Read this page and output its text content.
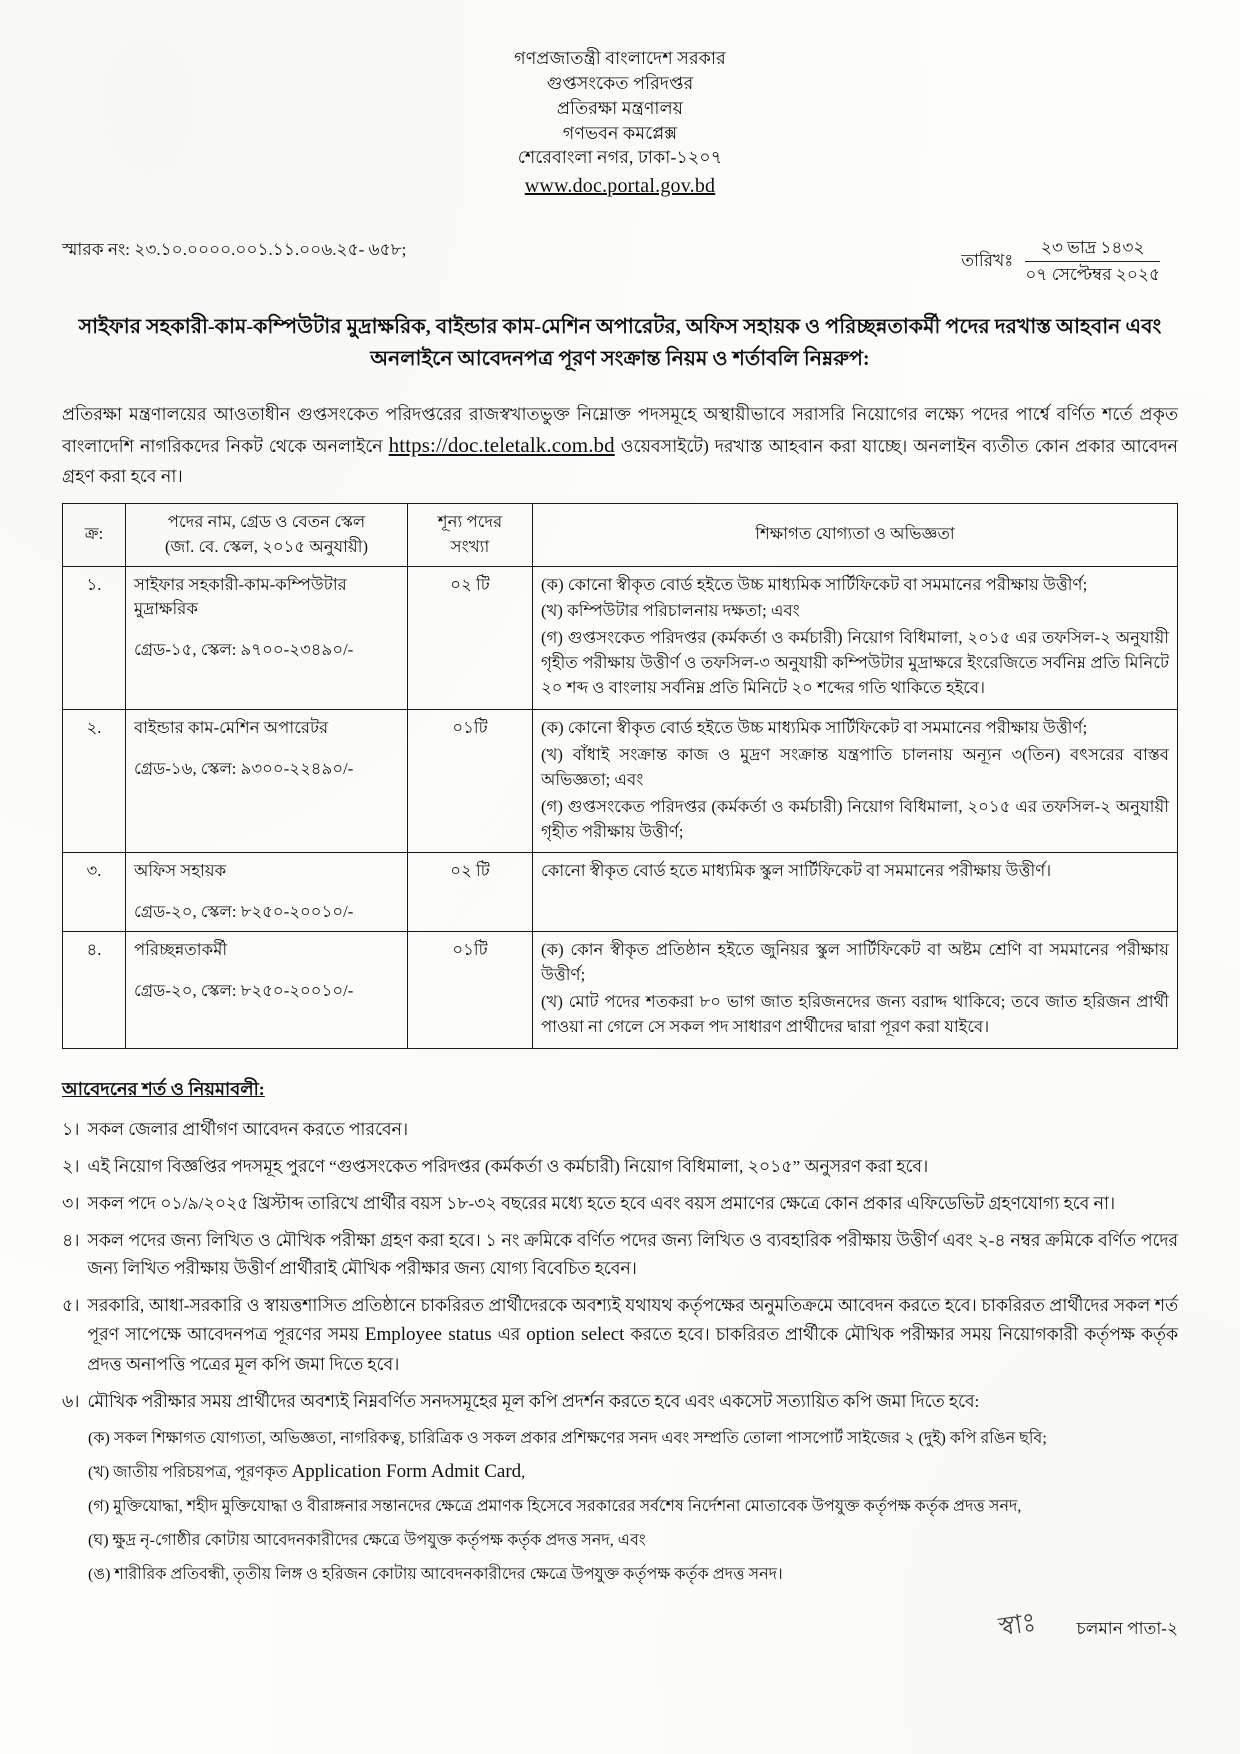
গণপ্রজাতন্ত্রী বাংলাদেশ সরকার
গুপ্তসংকেত পরিদপ্তর
প্রতিরক্ষা মন্ত্রণালয়
গণভবন কমপ্লেক্স
শেরেবাংলা নগর, ঢাকা-১২০৭
www.doc.portal.gov.bd
স্মারক নং: ২৩.১০.০০০০.০০১.১১.০০৬.২৫- ৬৫৮;
তারিখঃ
২৩ ভাদ্র ১৪৩২
০৭ সেপ্টেম্বর ২০২৫
সাইফার সহকারী-কাম-কম্পিউটার মুদ্রাক্ষরিক, বাইন্ডার কাম-মেশিন অপারেটর, অফিস সহায়ক ও পরিচ্ছন্নতাকর্মী পদের দরখাস্ত আহবান এবং অনলাইনে আবেদনপত্র পূরণ সংক্রান্ত নিয়ম ও শর্তাবলি নিম্নরুপ:
প্রতিরক্ষা মন্ত্রণালয়ের আওতাধীন গুপ্তসংকেত পরিদপ্তরের রাজস্বখাতভুক্ত নিম্নোক্ত পদসমূহে অস্থায়ীভাবে সরাসরি নিয়োগের লক্ষ্যে পদের পার্শ্বে বর্ণিত শর্তে প্রকৃত বাংলাদেশি নাগরিকদের নিকট থেকে অনলাইনে https://doc.teletalk.com.bd ওয়েবসাইটে) দরখাস্ত আহবান করা যাচ্ছে। অনলাইন ব্যতীত কোন প্রকার আবেদন গ্রহণ করা হবে না।
ক্র:	
পদের নাম, গ্রেড ও বেতন স্কেল
(জা. বে. স্কেল, ২০১৫ অনুযায়ী)

শূন্য পদের
সংখ্যা
	শিক্ষাগত যোগ্যতা ও অভিজ্ঞতা
১.	সাইফার সহকারী-কাম-কম্পিউটার মুদ্রাক্ষরিক
গ্রেড-১৫, স্কেল: ৯৭০০-২৩৪৯০/-
	০২ টি	(ক) কোনো স্বীকৃত বোর্ড হইতে উচ্চ মাধ্যমিক সার্টিফিকেট বা সমমানের পরীক্ষায় উত্তীর্ণ;

(খ) কম্পিউটার পরিচালনায় দক্ষতা; এবং

(গ) গুপ্তসংকেত পরিদপ্তর (কর্মকর্তা ও কর্মচারী) নিয়োগ বিধিমালা, ২০১৫ এর তফসিল-২ অনুযায়ী গৃহীত পরীক্ষায় উত্তীর্ণ ও তফসিল-৩ অনুযায়ী কম্পিউটার মুদ্রাক্ষরে ইংরেজিতে সর্বনিম্ন প্রতি মিনিটে ২০ শব্দ ও বাংলায় সর্বনিম্ন প্রতি মিনিটে ২০ শব্দের গতি থাকিতে হইবে।

২.	বাইন্ডার কাম-মেশিন অপারেটর
গ্রেড-১৬, স্কেল: ৯৩০০-২২৪৯০/-
	০১টি	(ক) কোনো স্বীকৃত বোর্ড হইতে উচ্চ মাধ্যমিক সার্টিফিকেট বা সমমানের পরীক্ষায় উত্তীর্ণ;

(খ) বাঁধাই সংক্রান্ত কাজ ও মুদ্রণ সংক্রান্ত যন্ত্রপাতি চালনায় অন্যূন ৩(তিন) বৎসরের বাস্তব অভিজ্ঞতা; এবং

(গ) গুপ্তসংকেত পরিদপ্তর (কর্মকর্তা ও কর্মচারী) নিয়োগ বিধিমালা, ২০১৫ এর তফসিল-২ অনুযায়ী গৃহীত পরীক্ষায় উত্তীর্ণ;

৩.	অফিস সহায়ক
গ্রেড-২০, স্কেল: ৮২৫০-২০০১০/-	০২ টি	কোনো স্বীকৃত বোর্ড হতে মাধ্যমিক স্কুল সার্টিফিকেট বা সমমানের পরীক্ষায় উত্তীর্ণ।

৪.	পরিচ্ছন্নতাকর্মী
গ্রেড-২০, স্কেল: ৮২৫০-২০০১০/-
	০১টি	(ক) কোন স্বীকৃত প্রতিষ্ঠান হইতে জুনিয়র স্কুল সার্টিফিকেট বা অষ্টম শ্রেণি বা সমমানের পরীক্ষায় উত্তীর্ণ;

(খ) মোট পদের শতকরা ৮০ ভাগ জাত হরিজনদের জন্য বরাদ্দ থাকিবে; তবে জাত হরিজন প্রার্থী পাওয়া না গেলে সে সকল পদ সাধারণ প্রার্থীদের দ্বারা পূরণ করা যাইবে।

আবেদনের শর্ত ও নিয়মাবলী:
১। সকল জেলার প্রার্থীগণ আবেদন করতে পারবেন।
২। এই নিয়োগ বিজ্ঞপ্তির পদসমূহ পুরণে “গুপ্তসংকেত পরিদপ্তর (কর্মকর্তা ও কর্মচারী) নিয়োগ বিধিমালা, ২০১৫” অনুসরণ করা হবে।
৩। সকল পদে ০১/৯/২০২৫ খ্রিস্টাব্দ তারিখে প্রার্থীর বয়স ১৮-৩২ বছরের মধ্যে হতে হবে এবং বয়স প্রমাণের ক্ষেত্রে কোন প্রকার এফিডেভিট গ্রহণযোগ্য হবে না।
৪। সকল পদের জন্য লিখিত ও মৌখিক পরীক্ষা গ্রহণ করা হবে। ১ নং ক্রমিকে বর্ণিত পদের জন্য লিখিত ও ব্যবহারিক পরীক্ষায় উত্তীর্ণ এবং ২-৪ নম্বর ক্রমিকে বর্ণিত পদের জন্য লিখিত পরীক্ষায় উত্তীর্ণ প্রার্থীরাই মৌখিক পরীক্ষার জন্য যোগ্য বিবেচিত হবেন।
৫। সরকারি, আধা-সরকারি ও স্বায়ত্তশাসিত প্রতিষ্ঠানে চাকরিরত প্রার্থীদেরকে অবশ্যই যথাযথ কর্তৃপক্ষের অনুমতিক্রমে আবেদন করতে হবে। চাকরিরত প্রার্থীদের সকল শর্ত পূরণ সাপেক্ষে আবেদনপত্র পূরণের সময় Employee status এর option select করতে হবে। চাকরিরত প্রার্থীকে মৌখিক পরীক্ষার সময় নিয়োগকারী কর্তৃপক্ষ কর্তৃক প্রদত্ত অনাপত্তি পত্রের মূল কপি জমা দিতে হবে।
৬। মৌখিক পরীক্ষার সময় প্রার্থীদের অবশ্যই নিম্নবর্ণিত সনদসমূহের মূল কপি প্রদর্শন করতে হবে এবং একসেট সত্যায়িত কপি জমা দিতে হবে:

(ক) সকল শিক্ষাগত যোগ্যতা, অভিজ্ঞতা, নাগরিকত্ব, চারিত্রিক ও সকল প্রকার প্রশিক্ষণের সনদ এবং সম্প্রতি তোলা পাসপোর্ট সাইজের ২ (দুই) কপি রঙিন ছবি;

(খ) জাতীয় পরিচয়পত্র, পূরণকৃত Application Form Admit Card,

(গ) মুক্তিযোদ্ধা, শহীদ মুক্তিযোদ্ধা ও বীরাঙ্গনার সন্তানদের ক্ষেত্রে প্রমাণক হিসেবে সরকারের সর্বশেষ নির্দেশনা মোতাবেক উপযুক্ত কর্তৃপক্ষ কর্তৃক প্রদত্ত সনদ,

(ঘ) ক্ষুদ্র নৃ-গোষ্ঠীর কোটায় আবেদনকারীদের ক্ষেত্রে উপযুক্ত কর্তৃপক্ষ কর্তৃক প্রদত্ত সনদ, এবং

(ঙ) শারীরিক প্রতিবন্ধী, তৃতীয় লিঙ্গ ও হরিজন কোটায় আবেদনকারীদের ক্ষেত্রে উপযুক্ত কর্তৃপক্ষ কর্তৃক প্রদত্ত সনদ।

স্বাঃ চলমান পাতা-২
